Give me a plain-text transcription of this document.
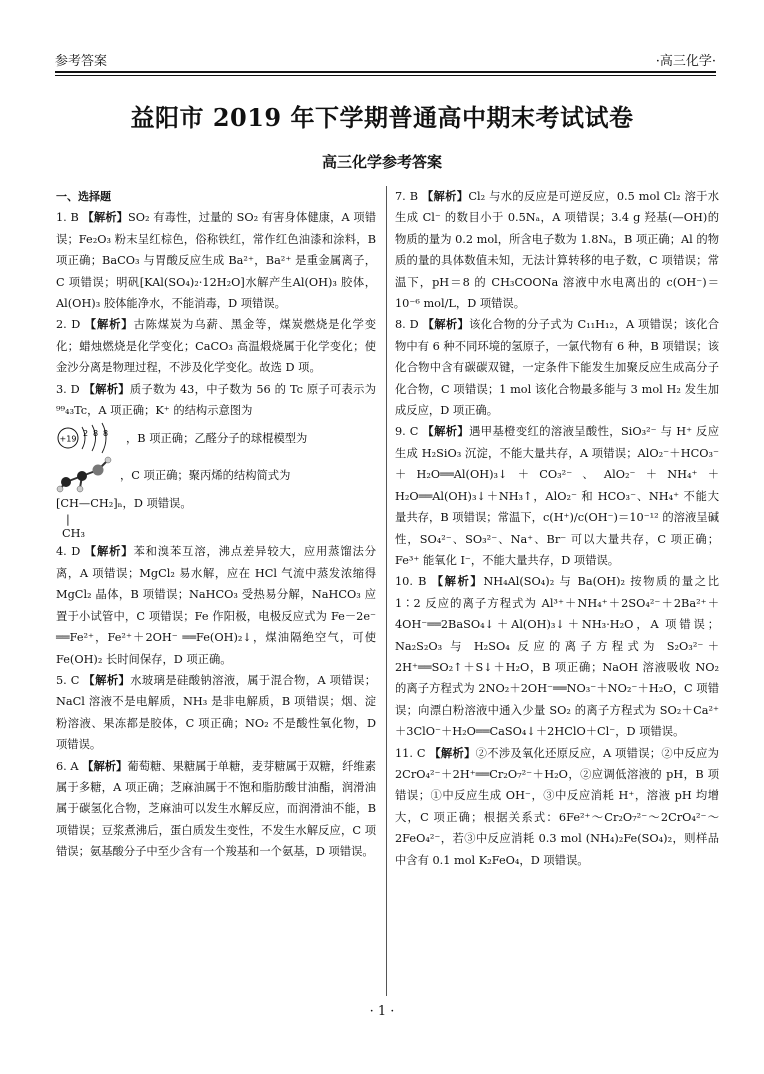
参考答案	·高三化学·
益阳市 2019 年下学期普通高中期末考试试卷
高三化学参考答案

一、选择题

1. B 【解析】SO₂ 有毒性，过量的 SO₂ 有害身体健康，A 项错误；Fe₂O₃ 粉末呈红棕色，俗称铁红，常作红色油漆和涂料，B 项正确；BaCO₃ 与胃酸反应生成 Ba²⁺，Ba²⁺ 是重金属离子，C 项错误；明矾[KAl(SO₄)₂·12H₂O]水解产生Al(OH)₃ 胶体，Al(OH)₃ 胶体能净水，不能消毒，D 项错误。

2. D 【解析】古陈煤炭为乌薪、黑金等，煤炭燃烧是化学变化；蜡烛燃烧是化学变化；CaCO₃ 高温煅烧属于化学变化；使金沙分离是物理过程，不涉及化学变化。故选 D 项。

3. D 【解析】质子数为 43，中子数为 56 的 Tc 原子可表示为⁹⁹₄₃Tc，A 项正确；K⁺ 的结构示意图为
+19
2 8 8 ，B 项正确；乙醛分子的球棍模型为
，C 项正确；聚丙烯的结构简式为
[CH—CH₂]ₙ，D 项错误。
|
CH₃

4. D 【解析】苯和溴苯互溶，沸点差异较大，应用蒸馏法分离，A 项错误；MgCl₂ 易水解，应在 HCl 气流中蒸发浓缩得 MgCl₂ 晶体，B 项错误；NaHCO₃ 受热易分解，NaHCO₃ 应置于小试管中，C 项错误；Fe 作阳极，电极反应式为 Fe－2e⁻ ══Fe²⁺，Fe²⁺＋2OH⁻ ══Fe(OH)₂↓，煤油隔绝空气，可使 Fe(OH)₂ 长时间保存，D 项正确。

5. C 【解析】水玻璃是硅酸钠溶液，属于混合物，A 项错误；NaCl 溶液不是电解质，NH₃ 是非电解质，B 项错误；烟、淀粉溶液、果冻都是胶体，C 项正确；NO₂ 不是酸性氧化物，D 项错误。

6. A 【解析】葡萄糖、果糖属于单糖，麦芽糖属于双糖，纤维素属于多糖，A 项正确；芝麻油属于不饱和脂肪酸甘油酯，润滑油属于碳氢化合物，芝麻油可以发生水解反应，而润滑油不能，B 项错误；豆浆煮沸后，蛋白质发生变性，不发生水解反应，C 项错误；氨基酸分子中至少含有一个羧基和一个氨基，D 项错误。

7. B 【解析】Cl₂ 与水的反应是可逆反应，0.5 mol Cl₂ 溶于水生成 Cl⁻ 的数目小于 0.5Nₐ，A 项错误；3.4 g 羟基(—OH)的物质的量为 0.2 mol，所含电子数为 1.8Nₐ，B 项正确；Al 的物质的量的具体数值未知，无法计算转移的电子数，C 项错误；常温下，pH＝8 的 CH₃COONa 溶液中水电离出的 c(OH⁻)＝10⁻⁶ mol/L，D 项错误。

8. D 【解析】该化合物的分子式为 C₁₁H₁₂，A 项错误；该化合物中有 6 种不同环境的氢原子，一氯代物有 6 种，B 项错误；该化合物中含有碳碳双键，一定条件下能发生加聚反应生成高分子化合物，C 项错误；1 mol 该化合物最多能与 3 mol H₂ 发生加成反应，D 项正确。

9. C 【解析】遇甲基橙变红的溶液呈酸性，SiO₃²⁻ 与 H⁺ 反应生成 H₂SiO₃ 沉淀，不能大量共存，A 项错误；AlO₂⁻＋HCO₃⁻＋H₂O══Al(OH)₃↓＋CO₃²⁻、AlO₂⁻＋NH₄⁺＋H₂O══Al(OH)₃↓＋NH₃↑，AlO₂⁻ 和 HCO₃⁻、NH₄⁺ 不能大量共存，B 项错误；常温下，c(H⁺)/c(OH⁻)＝10⁻¹² 的溶液呈碱性，SO₄²⁻、SO₃²⁻、Na⁺、Br⁻ 可以大量共存，C 项正确；Fe³⁺ 能氧化 I⁻，不能大量共存，D 项错误。

10. B 【解析】NH₄Al(SO₄)₂ 与 Ba(OH)₂ 按物质的量之比 1∶2 反应的离子方程式为 Al³⁺＋NH₄⁺＋2SO₄²⁻＋2Ba²⁺＋4OH⁻══2BaSO₄↓＋Al(OH)₃↓＋NH₃·H₂O，A 项错误；Na₂S₂O₃ 与 H₂SO₄ 反应的离子方程式为 S₂O₃²⁻＋2H⁺══SO₂↑＋S↓＋H₂O，B 项正确；NaOH 溶液吸收 NO₂ 的离子方程式为 2NO₂＋2OH⁻══NO₃⁻＋NO₂⁻＋H₂O，C 项错误；向漂白粉溶液中通入少量 SO₂ 的离子方程式为 SO₂＋Ca²⁺＋3ClO⁻＋H₂O══CaSO₄↓＋2HClO＋Cl⁻，D 项错误。

11. C 【解析】②不涉及氧化还原反应，A 项错误；②中反应为 2CrO₄²⁻＋2H⁺══Cr₂O₇²⁻＋H₂O，②应调低溶液的 pH，B 项错误；①中反应生成 OH⁻，③中反应消耗 H⁺，溶液 pH 均增大，C 项正确；根据关系式：6Fe²⁺～Cr₂O₇²⁻～2CrO₄²⁻～2FeO₄²⁻，若③中反应消耗 0.3 mol (NH₄)₂Fe(SO₄)₂，则样品中含有 0.1 mol K₂FeO₄，D 项错误。

· 1 ·
